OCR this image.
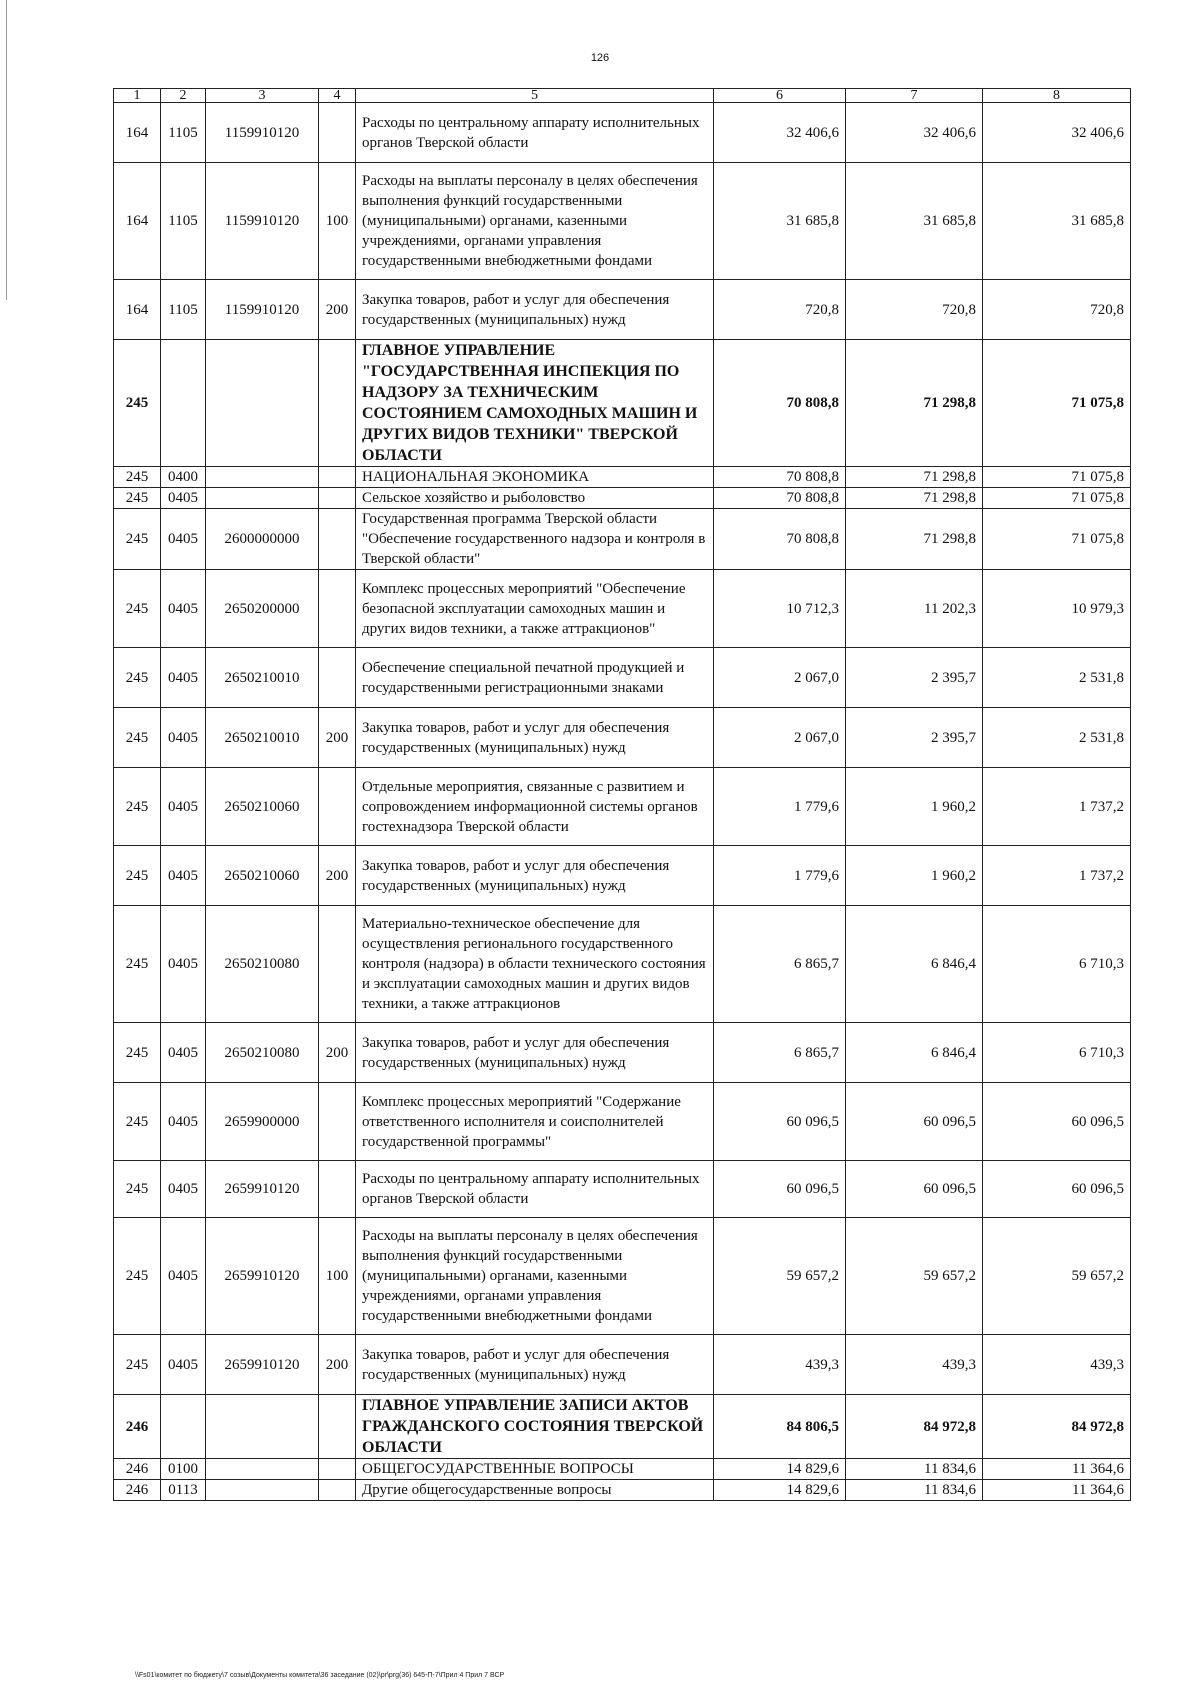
126
1	2	3	4	5	6	7	8
164	1105	1159910120		Расходы по центральному аппарату исполнительных органов Тверской области	32 406,6	32 406,6	32 406,6
164	1105	1159910120	100	Расходы на выплаты персоналу в целях обеспечения выполнения функций государственными (муниципальными) органами, казенными учреждениями, органами управления государственными внебюджетными фондами	31 685,8	31 685,8	31 685,8
164	1105	1159910120	200	Закупка товаров, работ и услуг для обеспечения государственных (муниципальных) нужд	720,8	720,8	720,8
245				ГЛАВНОЕ УПРАВЛЕНИЕ "ГОСУДАРСТВЕННАЯ ИНСПЕКЦИЯ ПО НАДЗОРУ ЗА ТЕХНИЧЕСКИМ СОСТОЯНИЕМ САМОХОДНЫХ МАШИН И ДРУГИХ ВИДОВ ТЕХНИКИ" ТВЕРСКОЙ ОБЛАСТИ	70 808,8	71 298,8	71 075,8
245	0400			НАЦИОНАЛЬНАЯ ЭКОНОМИКА	70 808,8	71 298,8	71 075,8
245	0405			Сельское хозяйство и рыболовство	70 808,8	71 298,8	71 075,8
245	0405	2600000000		Государственная программа Тверской области "Обеспечение государственного надзора и контроля в Тверской области"	70 808,8	71 298,8	71 075,8
245	0405	2650200000		Комплекс процессных мероприятий "Обеспечение безопасной эксплуатации самоходных машин и других видов техники, а также аттракционов"	10 712,3	11 202,3	10 979,3
245	0405	2650210010		Обеспечение специальной печатной продукцией и государственными регистрационными знаками	2 067,0	2 395,7	2 531,8
245	0405	2650210010	200	Закупка товаров, работ и услуг для обеспечения государственных (муниципальных) нужд	2 067,0	2 395,7	2 531,8
245	0405	2650210060		Отдельные мероприятия, связанные с развитием и сопровождением информационной системы органов гостехнадзора Тверской области	1 779,6	1 960,2	1 737,2
245	0405	2650210060	200	Закупка товаров, работ и услуг для обеспечения государственных (муниципальных) нужд	1 779,6	1 960,2	1 737,2
245	0405	2650210080		Материально-техническое обеспечение для осуществления регионального государственного контроля (надзора) в области технического состояния и эксплуатации самоходных машин и других видов техники, а также аттракционов	6 865,7	6 846,4	6 710,3
245	0405	2650210080	200	Закупка товаров, работ и услуг для обеспечения государственных (муниципальных) нужд	6 865,7	6 846,4	6 710,3
245	0405	2659900000		Комплекс процессных мероприятий "Содержание ответственного исполнителя и соисполнителей государственной программы"	60 096,5	60 096,5	60 096,5
245	0405	2659910120		Расходы по центральному аппарату исполнительных органов Тверской области	60 096,5	60 096,5	60 096,5
245	0405	2659910120	100	Расходы на выплаты персоналу в целях обеспечения выполнения функций государственными (муниципальными) органами, казенными учреждениями, органами управления государственными внебюджетными фондами	59 657,2	59 657,2	59 657,2
245	0405	2659910120	200	Закупка товаров, работ и услуг для обеспечения государственных (муниципальных) нужд	439,3	439,3	439,3
246				ГЛАВНОЕ УПРАВЛЕНИЕ ЗАПИСИ АКТОВ ГРАЖДАНСКОГО СОСТОЯНИЯ ТВЕРСКОЙ ОБЛАСТИ	84 806,5	84 972,8	84 972,8
246	0100			ОБЩЕГОСУДАРСТВЕННЫЕ ВОПРОСЫ	14 829,6	11 834,6	11 364,6
246	0113			Другие общегосударственные вопросы	14 829,6	11 834,6	11 364,6
\\Fs01\комитет по бюджету\7 созыв\Документы комитета\36 заседание (02)\pr\prg(36) 645-П-7\Прил 4 Прил 7 ВСР
